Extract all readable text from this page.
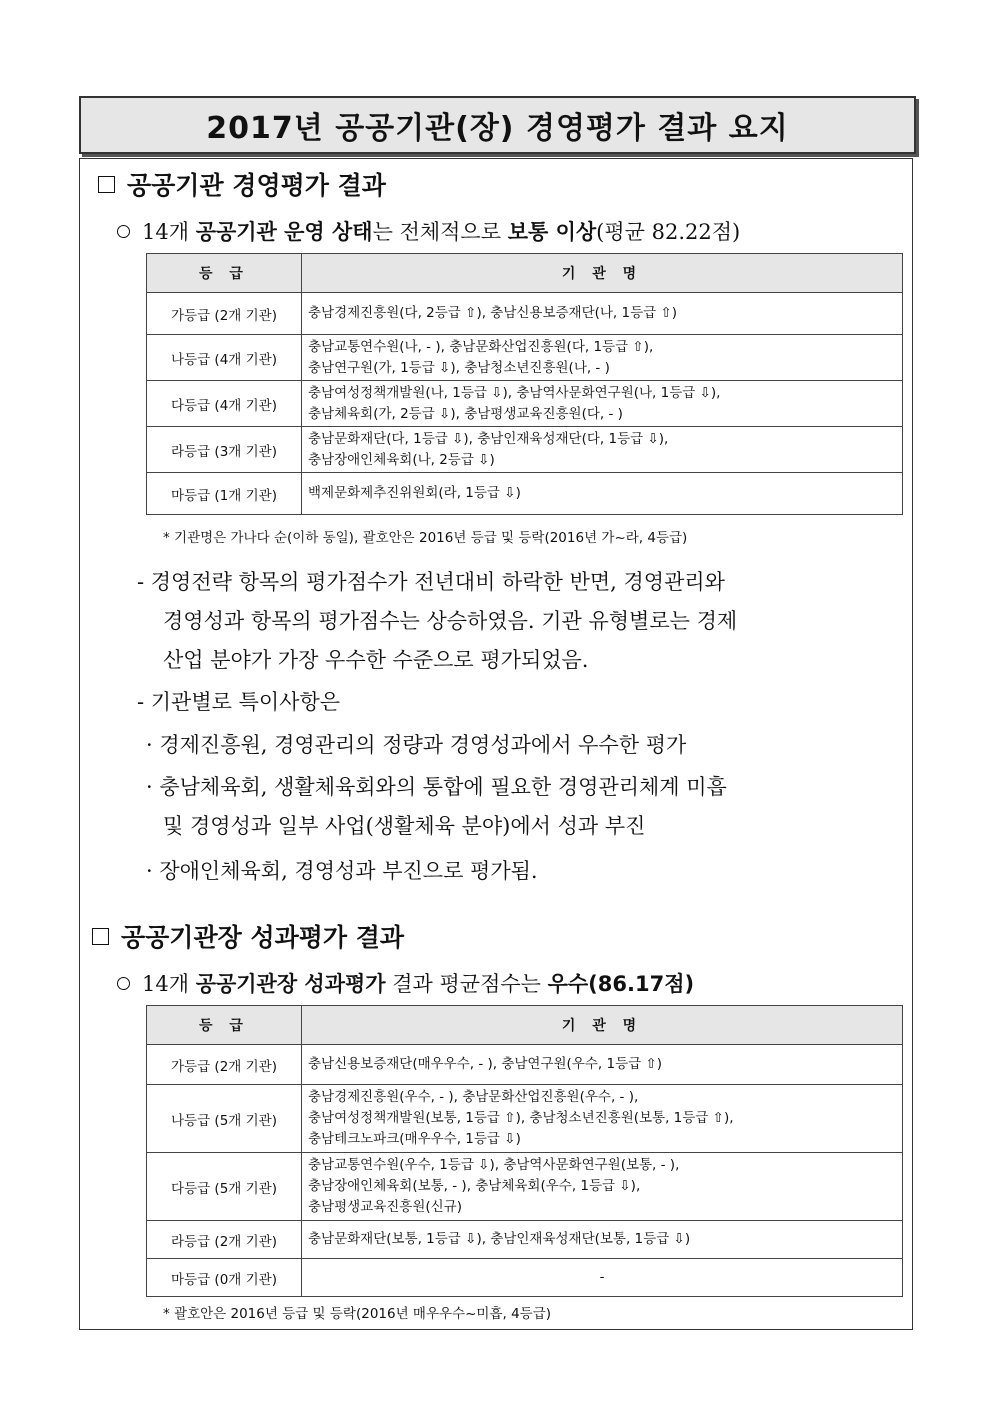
2017년 공공기관(장) 경영평가 결과 요지
공공기관 경영평가 결과
14개 공공기관 운영 상태 는 전체적으로 보통 이상 (평균 82.22점)
등 급	기 관 명
가등급 (2개 기관)	충남경제진흥원(다, 2등급 ⇧), 충남신용보증재단(나, 1등급 ⇧)

나등급 (4개 기관)	충남교통연수원(나, - ), 충남문화산업진흥원(다, 1등급 ⇧),
충남연구원(가, 1등급 ⇩), 충남청소년진흥원(나, - )

다등급 (4개 기관)	충남여성정책개발원(나, 1등급 ⇩), 충남역사문화연구원(나, 1등급 ⇩),
충남체육회(가, 2등급 ⇩), 충남평생교육진흥원(다, - )

라등급 (3개 기관)	충남문화재단(다, 1등급 ⇩), 충남인재육성재단(다, 1등급 ⇩),
충남장애인체육회(나, 2등급 ⇩)

마등급 (1개 기관)	백제문화제추진위원회(라, 1등급 ⇩)
* 기관명은 가나다 순(이하 동일), 괄호안은 2016년 등급 및 등락(2016년 가~라, 4등급)
- 경영전략 항목의 평가점수가 전년대비 하락한 반면, 경영관리와
경영성과 항목의 평가점수는 상승하였음. 기관 유형별로는 경제
산업 분야가 가장 우수한 수준으로 평가되었음.
- 기관별로 특이사항은
· 경제진흥원, 경영관리의 정량과 경영성과에서 우수한 평가
· 충남체육회, 생활체육회와의 통합에 필요한 경영관리체계 미흡
및 경영성과 일부 사업(생활체육 분야)에서 성과 부진
· 장애인체육회, 경영성과 부진으로 평가됨.
공공기관장 성과평가 결과
14개 공공기관장 성과평가 결과 평균점수는 우수(86.17점)
등 급	기 관 명
가등급 (2개 기관)	충남신용보증재단(매우우수, - ), 충남연구원(우수, 1등급 ⇧)

나등급 (5개 기관)	충남경제진흥원(우수, - ), 충남문화산업진흥원(우수, - ),
충남여성정책개발원(보통, 1등급 ⇧), 충남청소년진흥원(보통, 1등급 ⇧),
충남테크노파크(매우우수, 1등급 ⇩)

다등급 (5개 기관)	충남교통연수원(우수, 1등급 ⇩), 충남역사문화연구원(보통, - ),
충남장애인체육회(보통, - ), 충남체육회(우수, 1등급 ⇩),
충남평생교육진흥원(신규)

라등급 (2개 기관)	충남문화재단(보통, 1등급 ⇩), 충남인재육성재단(보통, 1등급 ⇩)

마등급 (0개 기관)	-
* 괄호안은 2016년 등급 및 등락(2016년 매우우수~미흡, 4등급)
